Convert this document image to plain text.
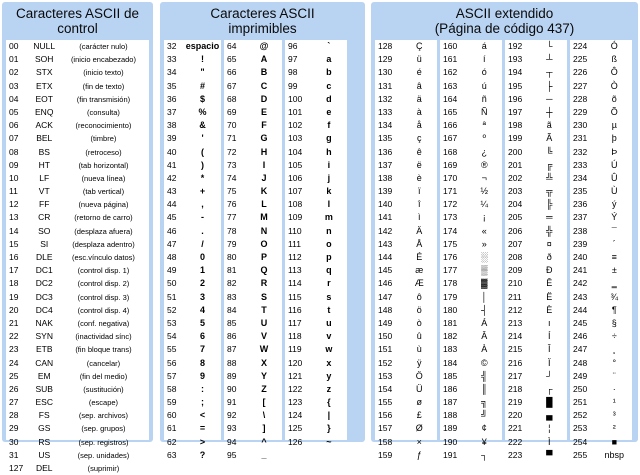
Caracteres ASCII de
control
00	NULL	(carácter nulo)
01	SOH	(inicio encabezado)
02	STX	(inicio texto)
03	ETX	(fin de texto)
04	EOT	(fin transmisión)
05	ENQ	(consulta)
06	ACK	(reconocimiento)
07	BEL	(timbre)
08	BS	(retroceso)
09	HT	(tab horizontal)
10	LF	(nueva línea)
11	VT	(tab vertical)
12	FF	(nueva página)
13	CR	(retorno de carro)
14	SO	(desplaza afuera)
15	SI	(desplaza adentro)
16	DLE	(esc.vínculo datos)
17	DC1	(control disp. 1)
18	DC2	(control disp. 2)
19	DC3	(control disp. 3)
20	DC4	(control disp. 4)
21	NAK	(conf. negativa)
22	SYN	(inactividad sínc)
23	ETB	(fin bloque trans)
24	CAN	(cancelar)
25	EM	(fin del medio)
26	SUB	(sustitución)
27	ESC	(escape)
28	FS	(sep. archivos)
29	GS	(sep. grupos)
30	RS	(sep. registros)
31	US	(sep. unidades)
127	DEL	(suprimir)
Caracteres ASCII
imprimibles
32	espacio
33	!
34	"
35	#
36	$
37	%
38	&
39	'
40	(
41	)
42	*
43	+
44	,
45	-
46	.
47	/
48	0
49	1
50	2
51	3
52	4
53	5
54	6
55	7
56	8
57	9
58	:
59	;
60	<
61	=
62	>
63	?
64	@
65	A
66	B
67	C
68	D
69	E
70	F
71	G
72	H
73	I
74	J
75	K
76	L
77	M
78	N
79	O
80	P
81	Q
82	R
83	S
84	T
85	U
86	V
87	W
88	X
89	Y
90	Z
91	[
92	\
93	]
94	^
95	_
96	`
97	a
98	b
99	c
100	d
101	e
102	f
103	g
104	h
105	i
106	j
107	k
108	l
109	m
110	n
111	o
112	p
113	q
114	r
115	s
116	t
117	u
118	v
119	w
120	x
121	y
122	z
123	{
124	|
125	}
126	~
ASCII extendido
(Página de código 437)
128	Ç
129	ü
130	é
131	â
132	ä
133	à
134	å
135	ç
136	ê
137	ë
138	è
139	ï
140	î
141	ì
142	Ä
143	Å
144	É
145	æ
146	Æ
147	ô
148	ö
149	ò
150	û
151	ù
152	ÿ
153	Ö
154	Ü
155	ø
156	£
157	Ø
158	×
159	ƒ
160	á
161	í
162	ó
163	ú
164	ñ
165	Ñ
166	ª
167	º
168	¿
169	®
170	¬
171	½
172	¼
173	¡
174	«
175	»
176	░
177	▒
178	▓
179	│
180	┤
181	Á
182	Â
183	À
184	©
185	╣
186	║
187	╗
188	╝
189	¢
190	¥
191	┐
192	└
193	┴
194	┬
195	├
196	─
197	┼
198	ã
199	Ã
200	╚
201	╔
202	╩
203	╦
204	╠
205	═
206	╬
207	¤
208	ð
209	Ð
210	Ê
211	Ë
212	È
213	ı
214	Í
215	Î
216	Ï
217	┘
218	┌
219	█
220	▄
221	¦
222	Ì
223	▀
224	Ó
225	ß
226	Ô
227	Ò
228	õ
229	Õ
230	µ
231	þ
232	Þ
233	Ú
234	Û
235	Ù
236	ý
237	Ý
238	¯
239	´
240	≡
241	±
242	‗
243	¾
244	¶
245	§
246	÷
247	¸
248	°
249	¨
250	·
251	¹
252	³
253	²
254	■
255	nbsp
